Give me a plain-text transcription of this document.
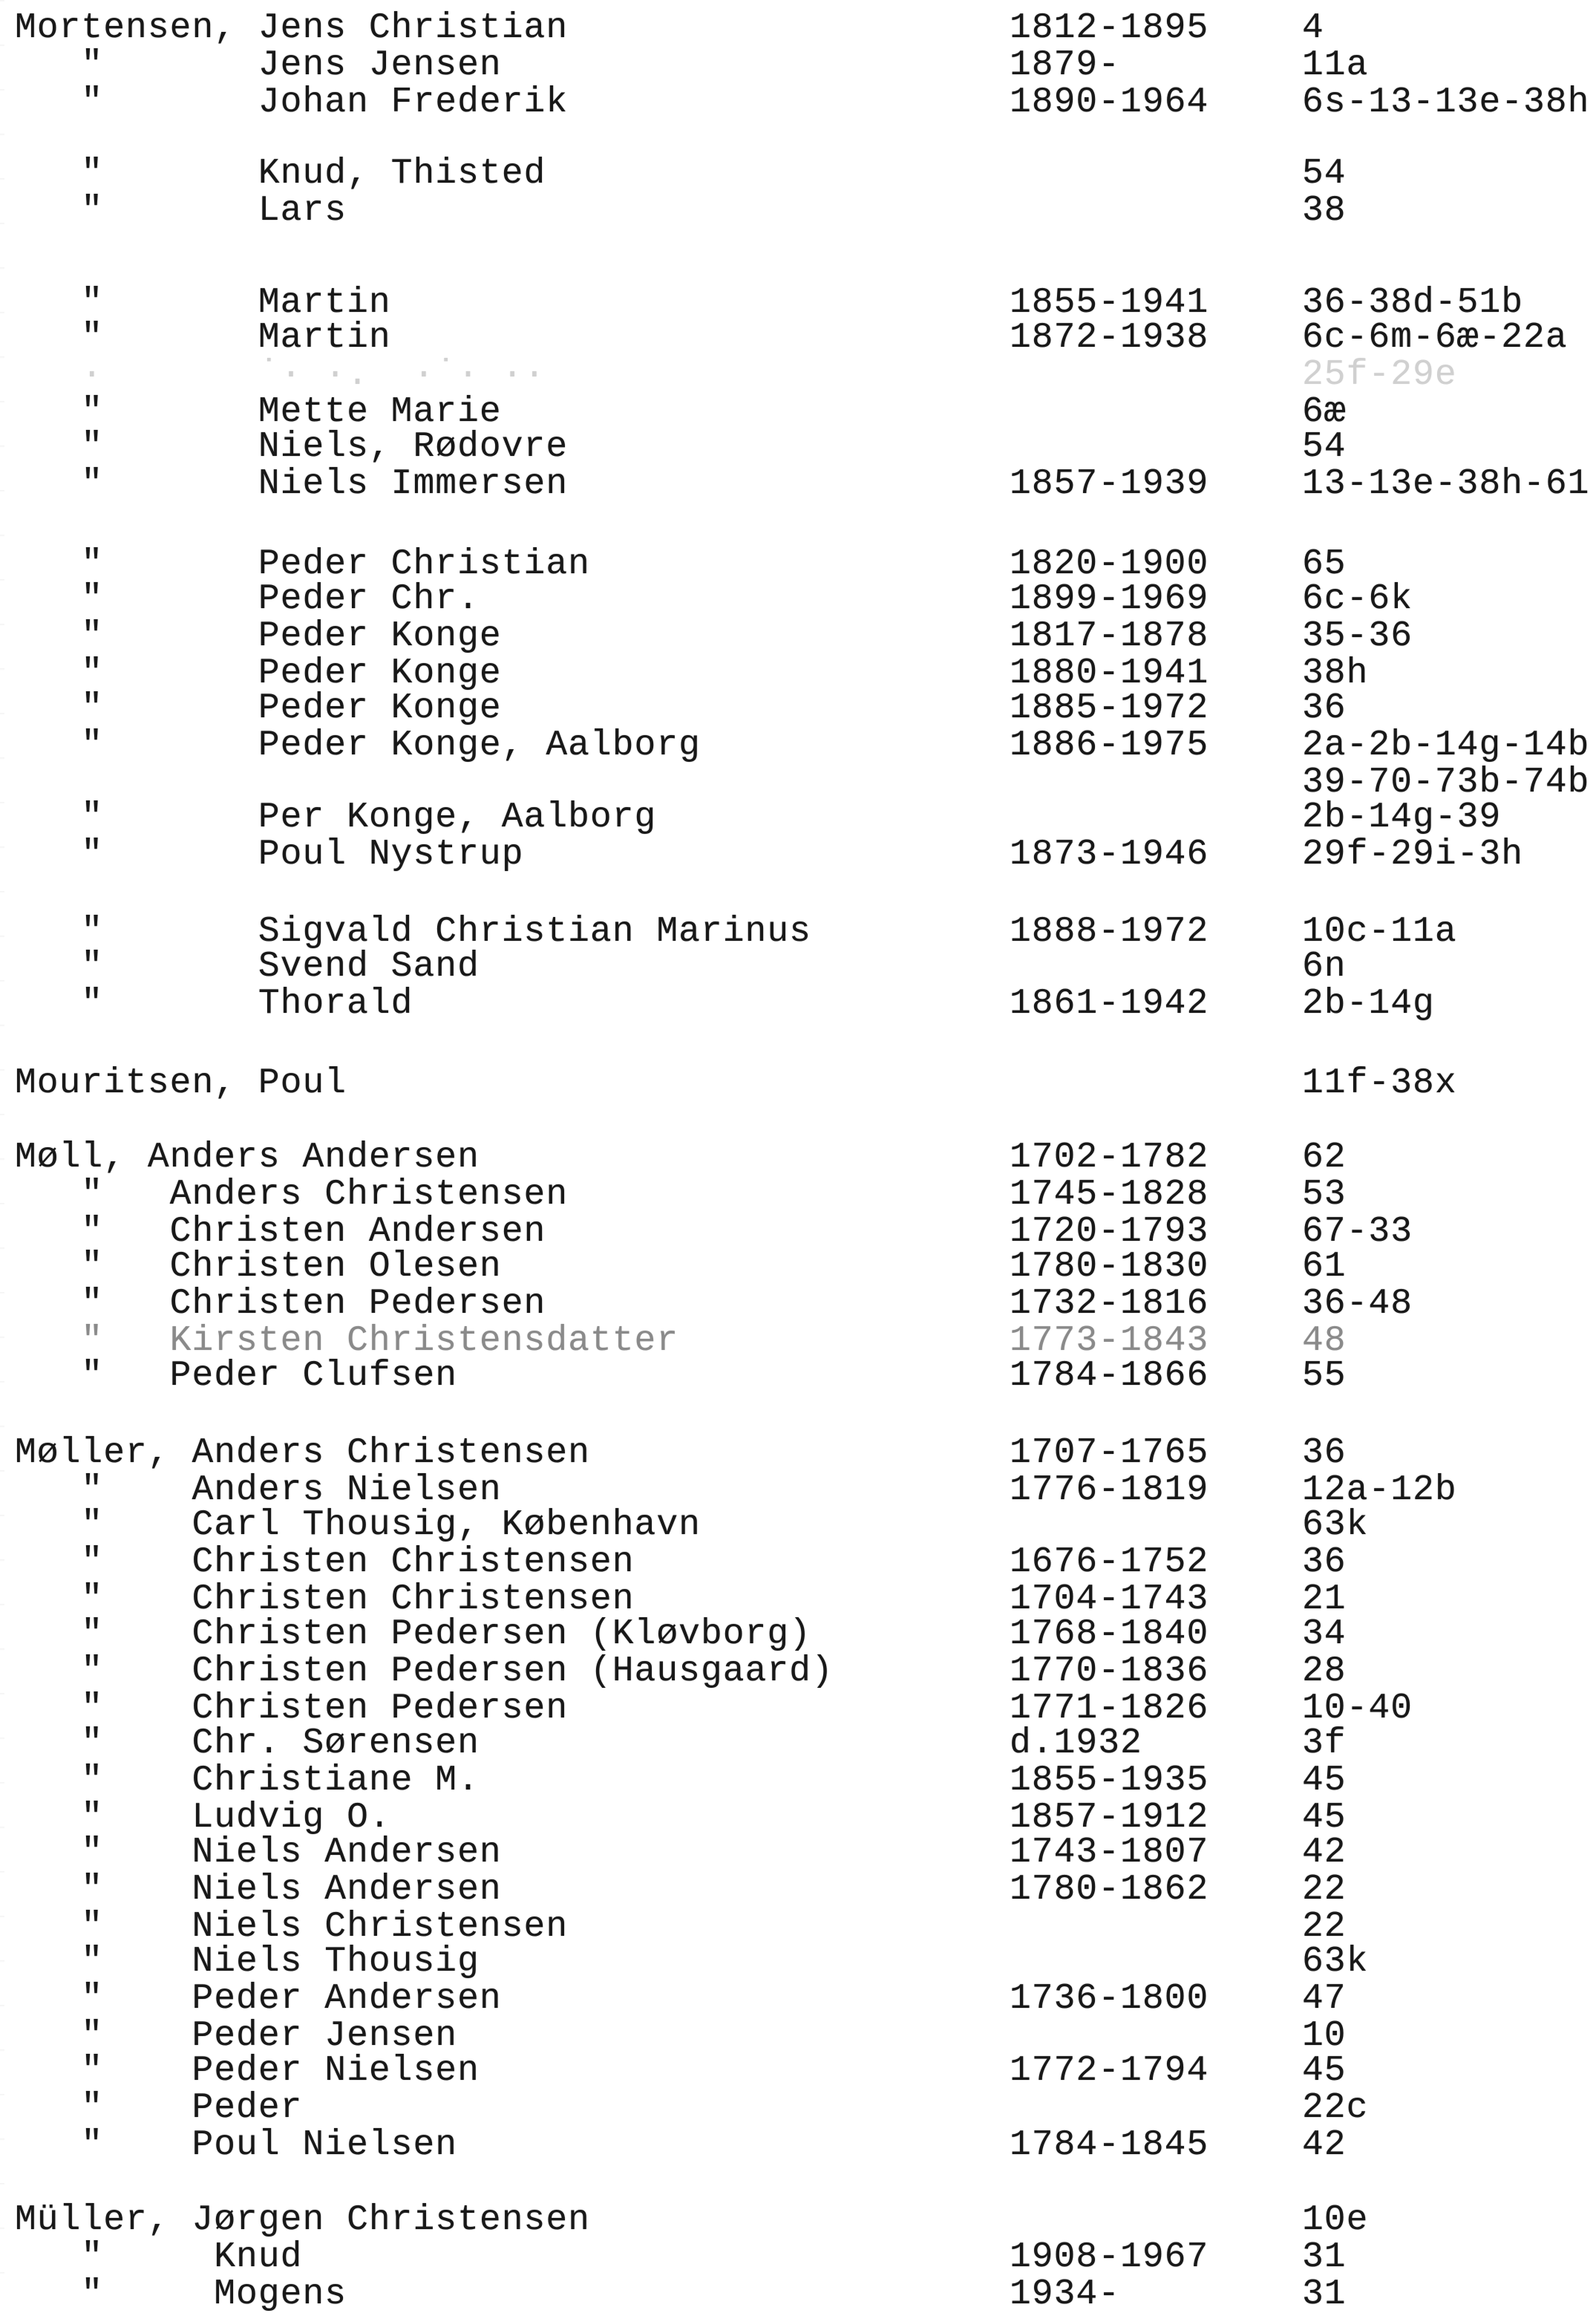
Mortensen, Jens Christian	1812-1895	4
"       Jens Jensen	1879-	11a
"       Johan Frederik	1890-1964	6s-13-13e-38h
"       Knud, Thisted	54
"       Lars	38
"       Martin	1855-1941	36-38d-51b
"       Martin	1872-1938	6c-6m-6æ-22a
·       ˙· ·.  ·˙· ··	25f-29e
"       Mette Marie	6æ
"       Niels, Rødovre	54
"       Niels Immersen	1857-1939	13-13e-38h-61
"       Peder Christian	1820-1900	65
"       Peder Chr.	1899-1969	6c-6k
"       Peder Konge	1817-1878	35-36
"       Peder Konge	1880-1941	38h
"       Peder Konge	1885-1972	36
"       Peder Konge, Aalborg	1886-1975	2a-2b-14g-14b
39-70-73b-74b
"       Per Konge, Aalborg	2b-14g-39
"       Poul Nystrup	1873-1946	29f-29i-3h
"       Sigvald Christian Marinus	1888-1972	10c-11a
"       Svend Sand	6n
"       Thorald	1861-1942	2b-14g
Mouritsen, Poul	11f-38x
Møll, Anders Andersen	1702-1782	62
"   Anders Christensen	1745-1828	53
"   Christen Andersen	1720-1793	67-33
"   Christen Olesen	1780-1830	61
"   Christen Pedersen	1732-1816	36-48
"   Kirsten Christensdatter	1773-1843	48
"   Peder Clufsen	1784-1866	55
Møller, Anders Christensen	1707-1765	36
"    Anders Nielsen	1776-1819	12a-12b
"    Carl Thousig, København	63k
"    Christen Christensen	1676-1752	36
"    Christen Christensen	1704-1743	21
"    Christen Pedersen (Kløvborg)	1768-1840	34
"    Christen Pedersen (Hausgaard)	1770-1836	28
"    Christen Pedersen	1771-1826	10-40
"    Chr. Sørensen	d.1932	3f
"    Christiane M.	1855-1935	45
"    Ludvig O.	1857-1912	45
"    Niels Andersen	1743-1807	42
"    Niels Andersen	1780-1862	22
"    Niels Christensen	22
"    Niels Thousig	63k
"    Peder Andersen	1736-1800	47
"    Peder Jensen	10
"    Peder Nielsen	1772-1794	45
"    Peder	22c
"    Poul Nielsen	1784-1845	42
Müller, Jørgen Christensen	10e
"     Knud	1908-1967	31
"     Mogens	1934-	31
